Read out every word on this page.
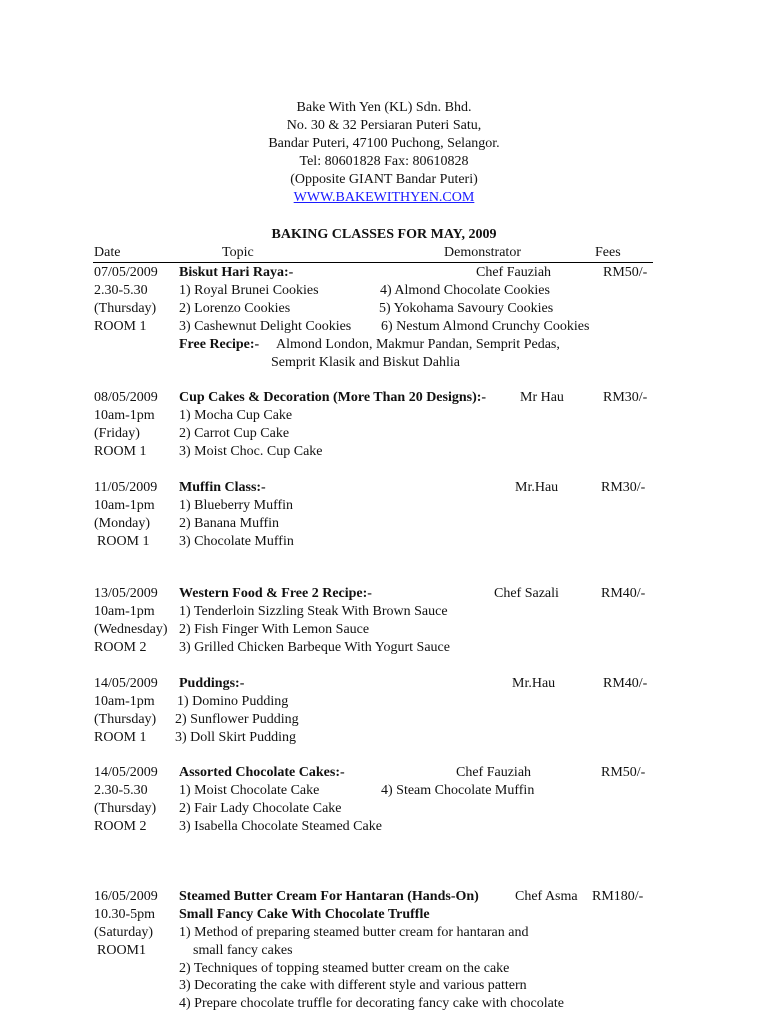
Bake With Yen (KL) Sdn. Bhd.
No. 30 & 32 Persiaran Puteri Satu,
Bandar Puteri, 47100 Puchong, Selangor.
Tel: 80601828 Fax: 80610828
(Opposite GIANT Bandar Puteri)
WWW.BAKEWITHYEN.COM
BAKING CLASSES FOR MAY, 2009
Date	Topic	Demonstrator	Fees
07/05/2009
2.30-5.30
(Thursday)
ROOM 1
Biskut Hari Raya:-	Chef Fauziah	RM50/-
1) Royal Brunei Cookies
2) Lorenzo Cookies
3) Cashewnut Delight Cookies
4) Almond Chocolate Cookies
5) Yokohama Savoury Cookies
6) Nestum Almond Crunchy Cookies
Free Recipe:- Almond London, Makmur Pandan, Semprit Pedas,
Semprit Klasik and Biskut Dahlia
08/05/2009
10am-1pm
(Friday)
ROOM 1
Cup Cakes & Decoration (More Than 20 Designs):- Mr Hau	RM30/-
1) Mocha Cup Cake
2) Carrot Cup Cake
3) Moist Choc. Cup Cake
11/05/2009
10am-1pm
(Monday)
ROOM 1
Muffin Class:-	Mr.Hau	RM30/-
1) Blueberry Muffin
2) Banana Muffin
3) Chocolate Muffin
13/05/2009
10am-1pm
(Wednesday)
ROOM 2
Western Food & Free 2 Recipe:-	Chef Sazali	RM40/-
1) Tenderloin Sizzling Steak With Brown Sauce
2) Fish Finger With Lemon Sauce
3) Grilled Chicken Barbeque With Yogurt Sauce
14/05/2009
10am-1pm
(Thursday)
ROOM 1
Puddings:-	Mr.Hau	RM40/-
1) Domino Pudding
2) Sunflower Pudding
3) Doll Skirt Pudding
14/05/2009
2.30-5.30
(Thursday)
ROOM 2
Assorted Chocolate Cakes:-	Chef Fauziah	RM50/-
1) Moist Chocolate Cake
2) Fair Lady Chocolate Cake
3) Isabella Chocolate Steamed Cake
4) Steam Chocolate Muffin
16/05/2009
10.30-5pm
(Saturday)
ROOM1
Steamed Butter Cream For Hantaran (Hands-On)	Chef Asma RM180/-
Small Fancy Cake With Chocolate Truffle
1) Method of preparing steamed butter cream for hantaran and
small fancy cakes
2) Techniques of topping steamed butter cream on the cake
3) Decorating the cake with different style and various pattern
4) Prepare chocolate truffle for decorating fancy cake with chocolate
